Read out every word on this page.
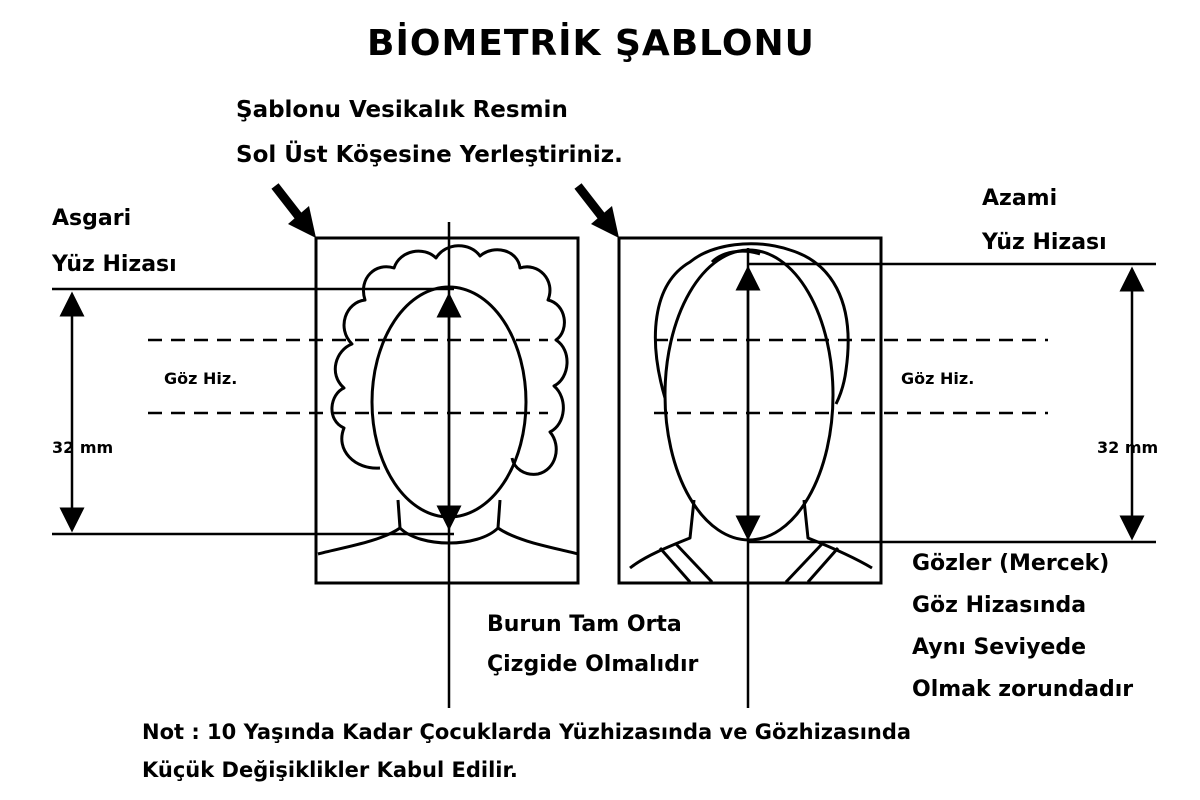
BİOMETRİK ŞABLONU
Şablonu Vesikalık Resmin
Sol Üst Köşesine Yerleştiriniz.
Asgari
Yüz Hizası
Azami
Yüz Hizası
Göz Hiz.	Göz Hiz.
32 mm	32 mm
Burun Tam Orta
Çizgide Olmalıdır
Gözler (Mercek)
Göz Hizasında
Aynı Seviyede
Olmak zorundadır
Not : 10 Yaşında Kadar Çocuklarda Yüzhizasında ve Gözhizasında
Küçük Değişiklikler Kabul Edilir.
